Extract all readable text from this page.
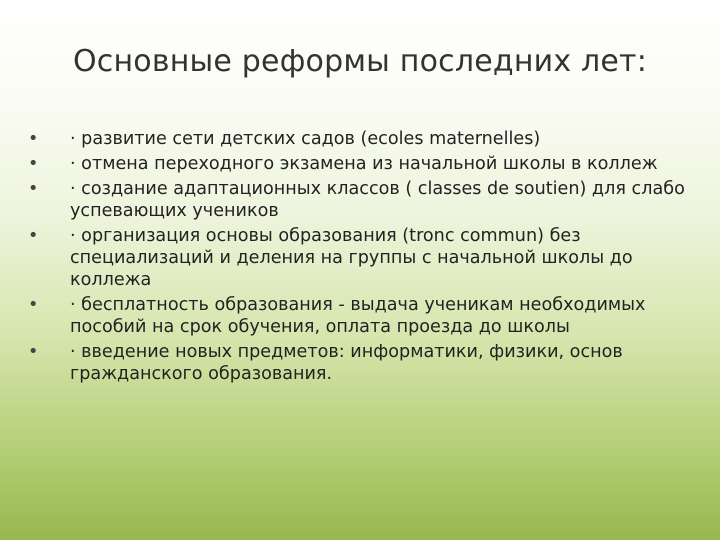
Основные реформы последних лет:
•	· развитие сети детских садов (ecoles maternelles)
•	· отмена переходного экзамена из начальной школы в коллеж
•	· создание адаптационных классов ( classes de soutien) для слабо успевающих учеников
•	· организация основы образования (tronc commun) без специализаций и деления на группы с начальной школы до коллежа
•	· бесплатность образования - выдача ученикам необходимых пособий на срок обучения, оплата проезда до школы
•	· введение новых предметов: информатики, физики, основ гражданского образования.
